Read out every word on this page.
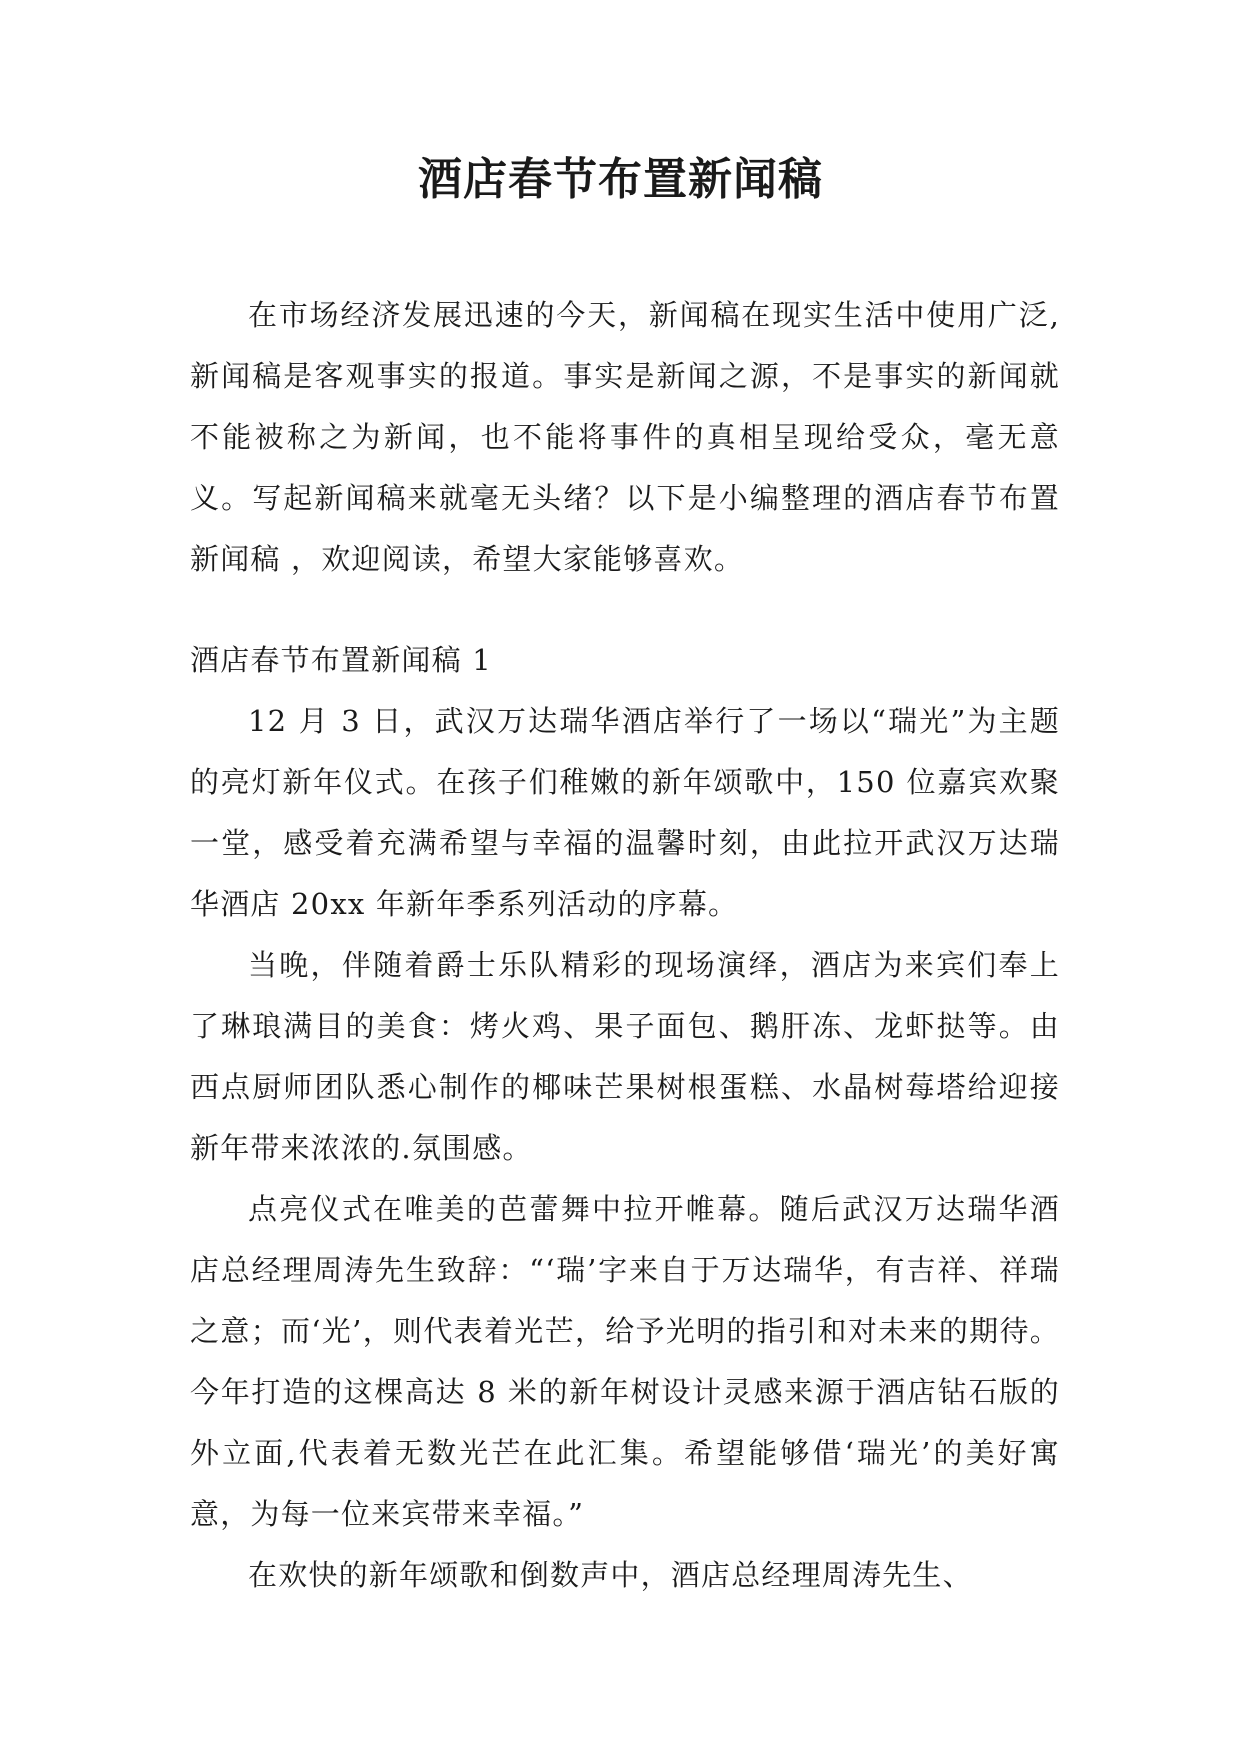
酒店春节布置新闻稿

在市场经济发展迅速的今天，新闻稿在现实生活中使用广泛,新闻稿是客观事实的报道。事实是新闻之源，不是事实的新闻就不能被称之为新闻，也不能将事件的真相呈现给受众，毫无意义。写起新闻稿来就毫无头绪？以下是小编整理的酒店春节布置新闻稿 ，欢迎阅读，希望大家能够喜欢。

酒店春节布置新闻稿 1

12 月 3 日，武汉万达瑞华酒店举行了一场以“瑞光”为主题的亮灯新年仪式。在孩子们稚嫩的新年颂歌中，150 位嘉宾欢聚一堂，感受着充满希望与幸福的温馨时刻，由此拉开武汉万达瑞华酒店 20xx 年新年季系列活动的序幕。

当晚，伴随着爵士乐队精彩的现场演绎，酒店为来宾们奉上了琳琅满目的美食：烤火鸡、果子面包、鹅肝冻、龙虾挞等。由西点厨师团队悉心制作的椰味芒果树根蛋糕、水晶树莓塔给迎接新年带来浓浓的.氛围感。

点亮仪式在唯美的芭蕾舞中拉开帷幕。随后武汉万达瑞华酒店总经理周涛先生致辞：“‘瑞’字来自于万达瑞华，有吉祥、祥瑞之意；而‘光’，则代表着光芒，给予光明的指引和对未来的期待。今年打造的这棵高达 8 米的新年树设计灵感来源于酒店钻石版的外立面,代表着无数光芒在此汇集。希望能够借‘瑞光’的美好寓意，为每一位来宾带来幸福。”

在欢快的新年颂歌和倒数声中，酒店总经理周涛先生、
